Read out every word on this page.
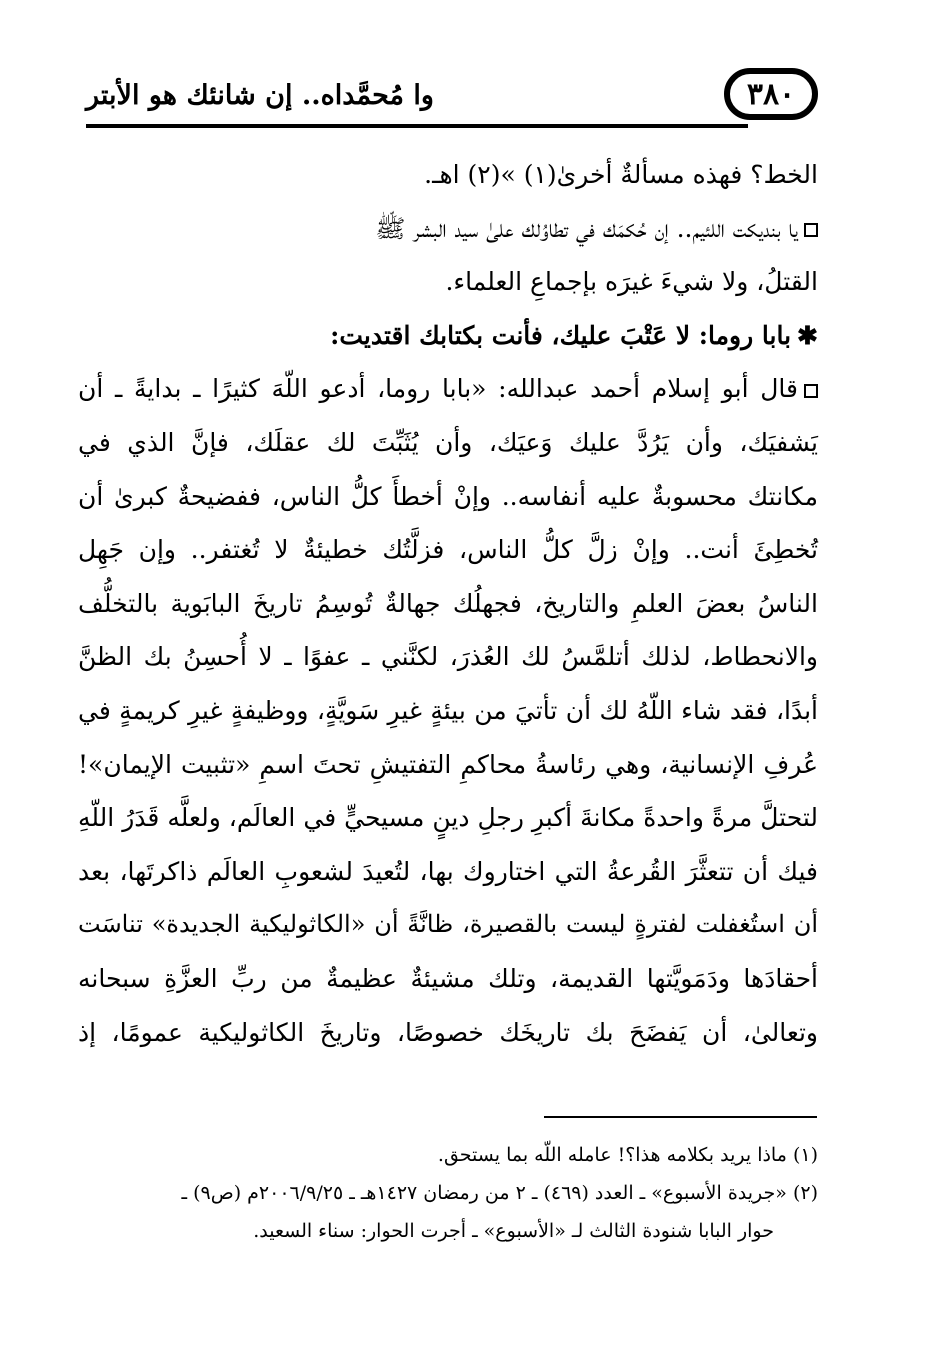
وا مُحمَّداه.. إن شانئك هو الأبتر	٣٨٠
الخط؟ فهذه مسألةٌ أخرىٰ(١) »(٢) اهـ.
يا بنديكت اللئيم.. إن حُكمَك في تطاوُلك علىٰ سيد البشر ﷺ
القتلُ، ولا شيءَ غيرَه بإجماعِ العلماء.
✱بابا روما: لا عَتْبَ عليك، فأنت بكتابك اقتديت:
قال أبو إسلام أحمد عبدالله: «بابا روما، أدعو اللّهَ كثيرًا ـ بدايةً ـ أن
يَشفيَك، وأن يَرُدَّ عليك وَعيَك، وأن يُثَبِّتَ لك عقلَك، فإنَّ الذي في
مكانتك محسوبةٌ عليه أنفاسه.. وإنْ أخطأَ كلُّ الناس، ففضيحةٌ كبرىٰ أن
تُخطِئَ أنت.. وإنْ زلَّ كلُّ الناس، فزلَّتُك خطيئةٌ لا تُغتفر.. وإن جَهِل
الناسُ بعضَ العلمِ والتاريخ، فجهلُك جهالةٌ تُوسِمُ تاريخَ البابَوية بالتخلُّف
والانحطاط، لذلك أتلمَّسُ لك العُذرَ، لكنَّني ـ عفوًا ـ لا أُحسِنُ بك الظنَّ
أبدًا، فقد شاء اللّهُ لك أن تأتيَ من بيئةٍ غيرِ سَويَّةٍ، ووظيفةٍ غيرِ كريمةٍ في
عُرفِ الإنسانية، وهي رئاسةُ محاكمِ التفتيشِ تحتَ اسمِ «تثبيت الإيمان»!
لتحتلَّ مرةً واحدةً مكانةَ أكبرِ رجلِ دينٍ مسيحيٍّ في العالَم، ولعلَّه قَدَرُ اللّهِ
فيك أن تتعثَّرَ القُرعةُ التي اختاروك بها، لتُعيدَ لشعوبِ العالَم ذاكرتَها، بعد
أن استُغفلت لفترةٍ ليست بالقصيرة، ظانَّةً أن «الكاثوليكية الجديدة» تناسَت
أحقادَها ودَمَويَّتها القديمة، وتلك مشيئةٌ عظيمةٌ من ربِّ العزَّةِ سبحانه
وتعالىٰ، أن يَفضَحَ بك تاريخَك خصوصًا، وتاريخَ الكاثوليكية عمومًا، إذ
(١) ماذا يريد بكلامه هذا؟! عامله اللّه بما يستحق.
(٢) «جريدة الأسبوع» ـ العدد (٤٦٩) ـ ٢ من رمضان ١٤٢٧هـ ـ ٢٠٠٦/٩/٢٥م (ص٩) ـ
حوار البابا شنودة الثالث لـ «الأسبوع» ـ أجرت الحوار: سناء السعيد.
